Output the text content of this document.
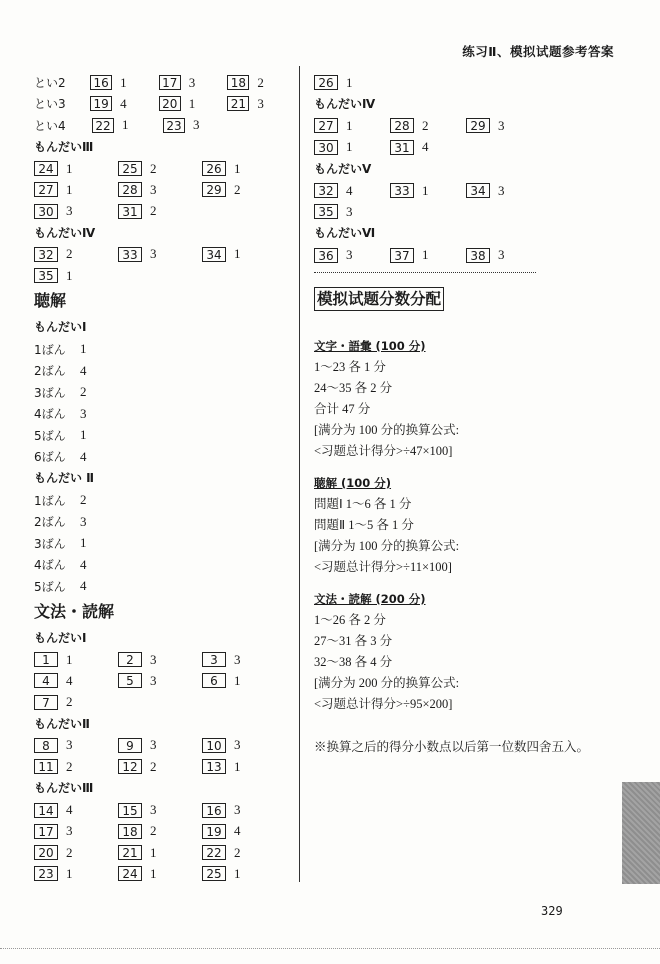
练习Ⅱ、模拟试题参考答案
とい2	16 1	17 3	18 2
とい3	19 4	20 1	21 3
とい4	22 1	23 3
もんだいⅢ
24 1	25 2	26 1
27 1	28 3	29 2
30 3	31 2
もんだいⅣ
32 2	33 3	34 1
35 1
聴解
もんだいⅠ
1ばん	1
2ばん	4
3ばん	2
4ばん	3
5ばん	1
6ばん	4
もんだい Ⅱ
1ばん	2
2ばん	3
3ばん	1
4ばん	4
5ばん	4
文法・読解
もんだいⅠ
1	1	2	3	3	3
4	4	5	3	6	1
7	2
もんだいⅡ
8	3	9	3	10 3
11 2	12 2	13 1
もんだいⅢ
14 4	15 3	16 3
17 3	18 2	19 4
20 2	21 1	22 2
23 1	24 1	25 1
26 1
もんだいⅣ
27 1	28 2	29 3
30 1	31 4
もんだいⅤ
32 4	33 1	34 3
35 3
もんだいⅥ
36 3	37 1	38 3
模拟试题分数分配
文字・語彙 (100 分)
1～23 各 1 分
24～35 各 2 分
合计 47 分
[满分为 100 分的换算公式:
<习题总计得分>÷47×100]
聴解 (100 分)
問題Ⅰ 1～6 各 1 分
問題Ⅱ 1～5 各 1 分
[满分为 100 分的换算公式:
<习题总计得分>÷11×100]
文法・読解 (200 分)
1～26 各 2 分
27～31 各 3 分
32～38 各 4 分
[满分为 200 分的换算公式:
<习题总计得分>÷95×200]
※换算之后的得分小数点以后第一位数四舍五入。
329
